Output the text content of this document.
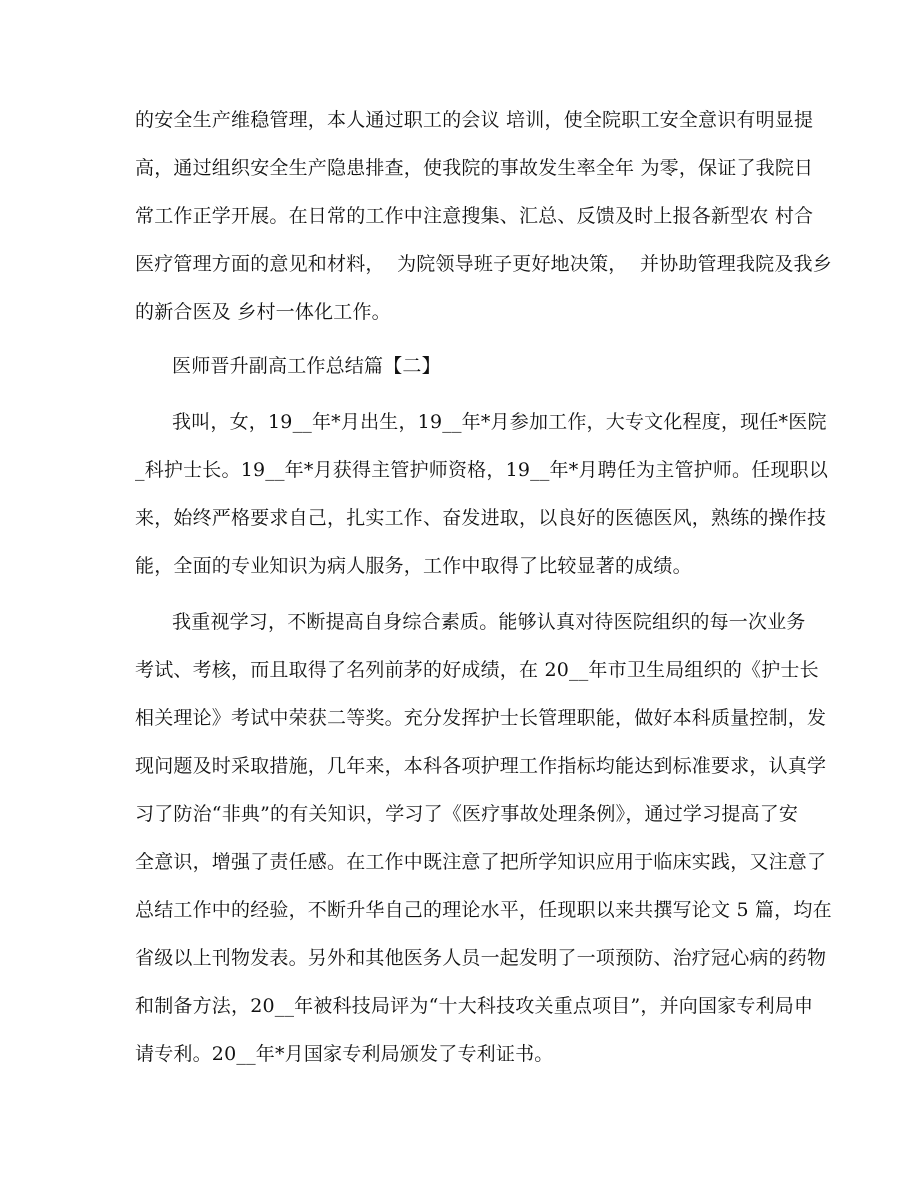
的安全生产维稳管理，本人通过职工的会议 培训，使全院职工安全意识有明显提
高，通过组织安全生产隐患排查，使我院的事故发生率全年 为零，保证了我院日
常工作正学开展。在日常的工作中注意搜集、汇总、反馈及时上报各新型农 村合
医疗管理方面的意见和材料，  为院领导班子更好地决策，  并协助管理我院及我乡
的新合医及 乡村一体化工作。
医师晋升副高工作总结篇【二】
我叫，女，19__年*月出生，19__年*月参加工作，大专文化程度，现任*医院
_科护士长。19__年*月获得主管护师资格，19__年*月聘任为主管护师。任现职以
来，始终严格要求自己，扎实工作、奋发进取，以良好的医德医风，熟练的操作技
能，全面的专业知识为病人服务，工作中取得了比较显著的成绩。
我重视学习，不断提高自身综合素质。能够认真对待医院组织的每一次业务
考试、考核，而且取得了名列前茅的好成绩，在 20__年市卫生局组织的《护士长
相关理论》考试中荣获二等奖。充分发挥护士长管理职能，做好本科质量控制，发
现问题及时采取措施，几年来，本科各项护理工作指标均能达到标准要求，认真学
习了防治“非典”的有关知识，学习了《医疗事故处理条例》，通过学习提高了安
全意识，增强了责任感。在工作中既注意了把所学知识应用于临床实践，又注意了
总结工作中的经验，不断升华自己的理论水平，任现职以来共撰写论文 5 篇，均在
省级以上刊物发表。另外和其他医务人员一起发明了一项预防、治疗冠心病的药物
和制备方法，20__年被科技局评为“十大科技攻关重点项目”，并向国家专利局申
请专利。20__年*月国家专利局颁发了专利证书。
